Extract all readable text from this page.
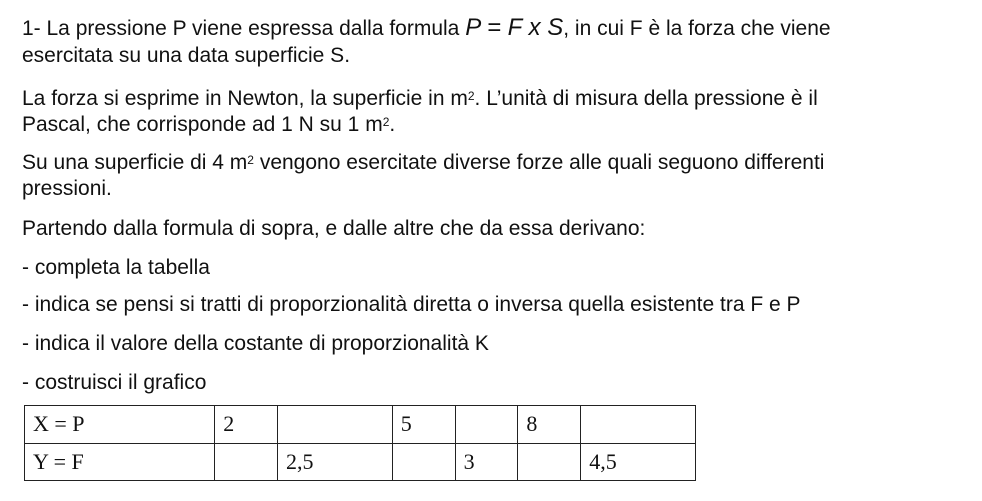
1- La pressione P viene espressa dalla formula P = F x S, in cui F è la forza che viene

esercitata su una data superficie S.

La forza si esprime in Newton, la superficie in $m^2$. L’unità di misura della pressione è il

Pascal, che corrisponde ad 1 N su 1 $m^2$.

Su una superficie di 4 $m^2$ vengono esercitate diverse forze alle quali seguono differenti

pressioni.

Partendo dalla formula di sopra, e dalle altre che da essa derivano:

- completa la tabella

- indica se pensi si tratti di proporzionalità diretta o inversa quella esistente tra F e P

- indica il valore della costante di proporzionalità K

- costruisci il grafico

X = P	2		5		8	
Y = F		2,5		3		4,5
